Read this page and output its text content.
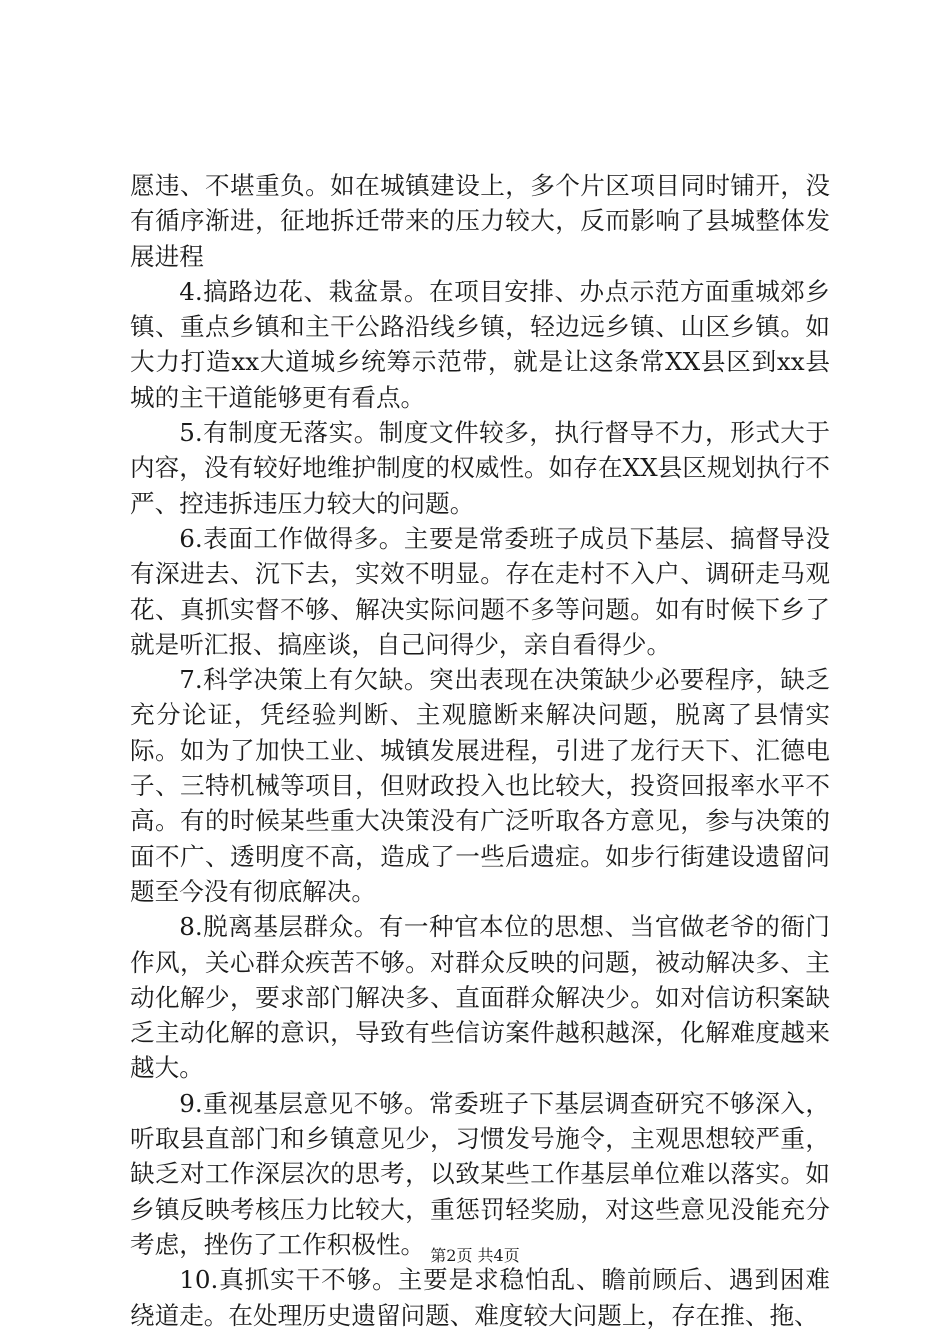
愿违、不堪重负。如在城镇建设上，多个片区项目同时铺开，没有循序渐进，征地拆迁带来的压力较大，反而影响了县城整体发展进程

4.搞路边花、栽盆景。在项目安排、办点示范方面重城郊乡镇、重点乡镇和主干公路沿线乡镇，轻边远乡镇、山区乡镇。如大力打造xx大道城乡统筹示范带，就是让这条常XX县区到xx县城的主干道能够更有看点。

5.有制度无落实。制度文件较多，执行督导不力，形式大于内容，没有较好地维护制度的权威性。如存在XX县区规划执行不严、控违拆违压力较大的问题。

6.表面工作做得多。主要是常委班子成员下基层、搞督导没有深进去、沉下去，实效不明显。存在走村不入户、调研走马观花、真抓实督不够、解决实际问题不多等问题。如有时候下乡了就是听汇报、搞座谈，自己问得少，亲自看得少。

7.科学决策上有欠缺。突出表现在决策缺少必要程序，缺乏充分论证，凭经验判断、主观臆断来解决问题，脱离了县情实际。如为了加快工业、城镇发展进程，引进了龙行天下、汇德电子、三特机械等项目，但财政投入也比较大，投资回报率水平不高。有的时候某些重大决策没有广泛听取各方意见，参与决策的面不广、透明度不高，造成了一些后遗症。如步行街建设遗留问题至今没有彻底解决。

8.脱离基层群众。有一种官本位的思想、当官做老爷的衙门作风，关心群众疾苦不够。对群众反映的问题，被动解决多、主动化解少，要求部门解决多、直面群众解决少。如对信访积案缺乏主动化解的意识，导致有些信访案件越积越深，化解难度越来越大。

9.重视基层意见不够。常委班子下基层调查研究不够深入，听取县直部门和乡镇意见少，习惯发号施令，主观思想较严重，缺乏对工作深层次的思考，以致某些工作基层单位难以落实。如乡镇反映考核压力比较大，重惩罚轻奖励，对这些意见没能充分考虑，挫伤了工作积极性。

10.真抓实干不够。主要是求稳怕乱、瞻前顾后、遇到困难绕道走。在处理历史遗留问题、难度较大问题上，存在推、拖、

第2页 共4页
